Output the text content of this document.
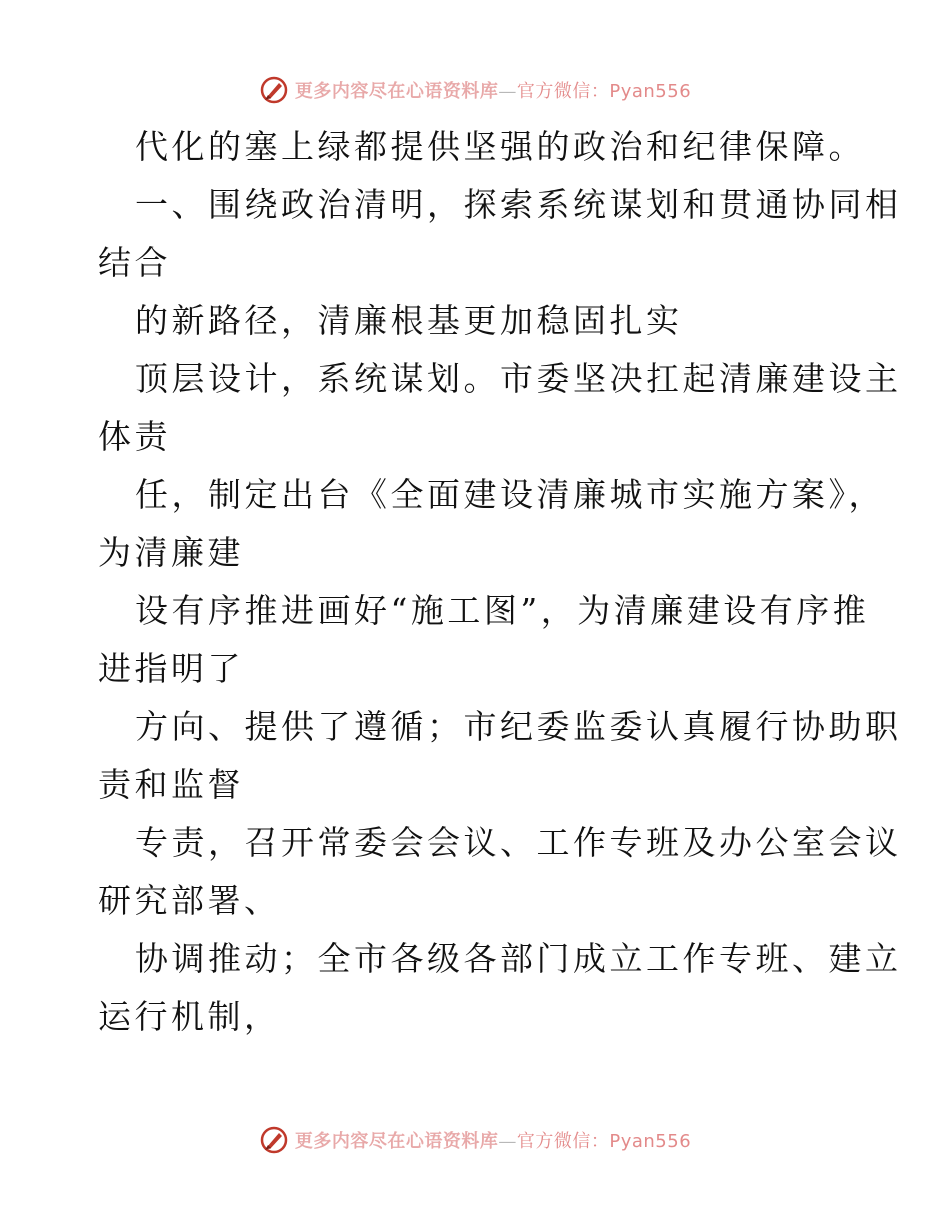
更多内容尽在心语资料库—官方微信：Pyan556

代化的塞上绿都提供坚强的政治和纪律保障。

一、围绕政治清明，探索系统谋划和贯通协同相

结合

的新路径，清廉根基更加稳固扎实

顶层设计，系统谋划。市委坚决扛起清廉建设主

体责

任，制定出台《全面建设清廉城市实施方案》，

为清廉建

设有序推进画好“施工图”，为清廉建设有序推

进指明了

方向、提供了遵循；市纪委监委认真履行协助职

责和监督

专责，召开常委会会议、工作专班及办公室会议

研究部署、

协调推动；全市各级各部门成立工作专班、建立

运行机制，

更多内容尽在心语资料库—官方微信：Pyan556
